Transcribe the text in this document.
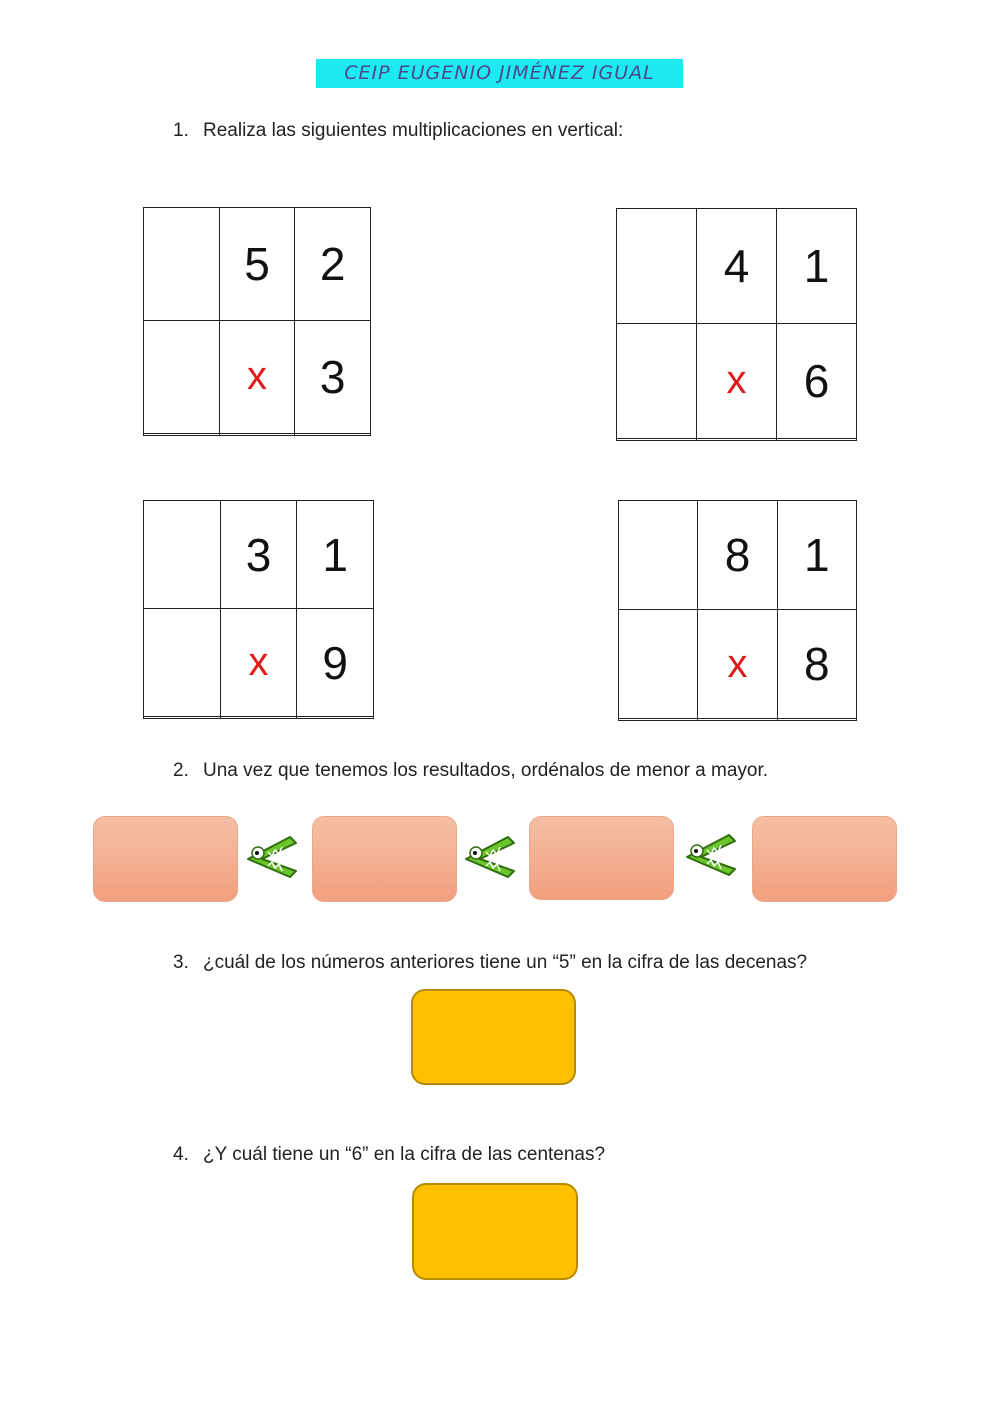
CEIP EUGENIO JIMÉNEZ IGUAL
1. Realiza las siguientes multiplicaciones en vertical:
	5	2
	x	3

	4	1
	x	6

	3	1
	x	9

	8	1
	x	8

2. Una vez que tenemos los resultados, ordénalos de menor a mayor.
3. ¿cuál de los números anteriores tiene un “5” en la cifra de las decenas?
4. ¿Y cuál tiene un “6” en la cifra de las centenas?
